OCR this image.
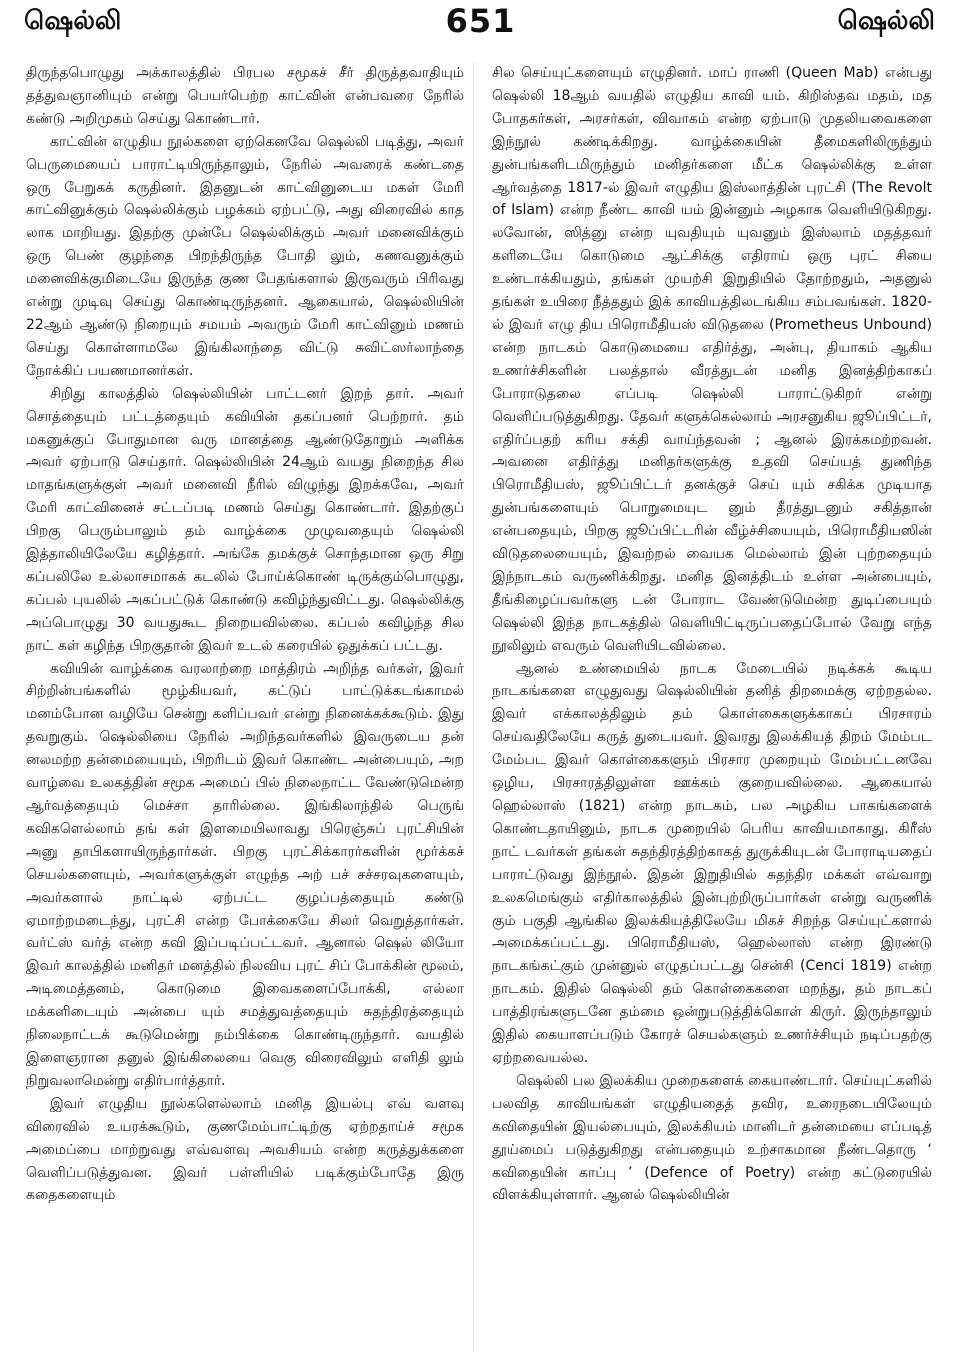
ஷெல்லி	651	ஷெல்லி

திருந்தபொழுது அக்காலத்தில் பிரபல சமூகச் சீர் திருத்தவாதியும் தத்துவஞானியும் என்று பெயர்பெற்ற காட்வின் என்பவரை நேரில் கண்டு அறிமுகம் செய்து கொண்டார்.

காட்வின் எழுதிய நூல்களை ஏற்கெனவே ஷெல்லி படித்து, அவர் பெருமையைப் பாராட்டியிருந்தாலும், நேரில் அவரைக் கண்டதை ஒரு பேறுகக் கருதினர். இதனுடன் காட்வினுடைய மகள் மேரி காட்வினுக்கும் ஷெல்லிக்கும் பழக்கம் ஏற்பட்டு, அது விரைவில் காத லாக மாறியது. இதற்கு முன்பே ஷெல்லிக்கும் அவர் மனைவிக்கும் ஒரு பெண் குழந்தை பிறந்திருந்த போதி லும், கணவனுக்கும் மனைவிக்குமிடையே இருந்த குண பேதங்களால் இருவரும் பிரிவது என்று முடிவு செய்து கொண்டிருந்தனர். ஆகையால், ஷெல்லியின் 22ஆம் ஆண்டு நிறையும் சமயம் அவரும் மேரி காட்வினும் மணம் செய்து கொள்ளாமலே இங்கிலாந்தை விட்டு சுவிட்ஸர்லாந்தை நோக்கிப் பயணமானர்கள்.

சிறிது காலத்தில் ஷெல்லியின் பாட்டனர் இறந் தார். அவர் சொத்தையும் பட்டத்தையும் கவியின் தகப்பனர் பெற்றார். தம் மகனுக்குப் போதுமான வரு மானத்தை ஆண்டுதோறும் அளிக்க அவர் ஏற்பாடு செய்தார். ஷெல்லியின் 24ஆம் வயது நிறைந்த சில மாதங்களுக்குள் அவர் மனைவி நீரில் விழுந்து இறக்கவே, அவர் மேரி காட்வினைச் சட்டப்படி மணம் செய்து கொண்டார். இதற்குப் பிறகு பெரும்பாலும் தம் வாழ்க்கை முழுவதையும் ஷெல்லி இத்தாலியிலேயே கழித்தார். அங்கே தமக்குச் சொந்தமான ஒரு சிறு கப்பலிலே உல்லாசமாகக் கடலில் போய்க்கொண் டிருக்கும்பொழுது, கப்பல் புயலில் அகப்பட்டுக் கொண்டு கவிழ்ந்துவிட்டது. ஷெல்லிக்கு அப்பொழுது 30 வயதுகூட நிறையவில்லை. கப்பல் கவிழ்ந்த சில நாட் கள் கழிந்த பிறகுதான் இவர் உடல் கரையில் ஒதுக்கப் பட்டது.

கவியின் வாழ்க்கை வரலாற்றை மாத்திரம் அறிந்த வர்கள், இவர் சிற்றின்பங்களில் மூழ்கியவர், கட்டுப் பாட்டுக்கடங்காமல் மனம்போன வழியே சென்று களிப்பவர் என்று நினைக்கக்கூடும். இது தவறுகும். ஷெல்லியை நேரில் அறிந்தவர்களில் இவருடைய தன் னலமற்ற தன்மையையும், பிறரிடம் இவர் கொண்ட அன்பையும், அற வாழ்வை உலகத்தின் சமூக அமைப் பில் நிலைநாட்ட வேண்டுமென்ற ஆர்வத்தையும் மெச்சா தாரில்லை. இங்கிலாந்தில் பெருங் கவிகளெல்லாம் தங் கள் இளமையிலாவது பிரெஞ்சுப் புரட்சியின் அனு தாபிகளாயிருந்தார்கள். பிறகு புரட்சிக்காரர்களின் மூர்க்கச் செயல்களையும், அவர்களுக்குள் எழுந்த அற் பச் சச்சரவுகளையும், அவர்களால் நாட்டில் ஏற்பட்ட குழப்பத்தையும் கண்டு ஏமாற்றமடைந்து, புரட்சி என்ற போக்கையே சிலர் வெறுத்தார்கள். வர்ட்ஸ் வர்த் என்ற கவி இப்படிப்பட்டவர். ஆனால் ஷெல் லியோ இவர் காலத்தில் மனிதர் மனத்தில் நிலவிய புரட் சிப் போக்கின் மூலம், அடிமைத்தனம், கொடுமை இவைகளைப்போக்கி, எல்லா மக்களிடையும் அன்பை யும் சமத்துவத்தையும் சுதந்திரத்தையும் நிலைநாட்டக் கூடுமென்று நம்பிக்கை கொண்டிருந்தார். வயதில் இளைஞரான தனுல் இங்கிலையை வெகு விரைவிலும் எளிதி லும் நிறுவலாமென்று எதிர்பார்த்தார்.

இவர் எழுதிய நூல்களெல்லாம் மனித இயல்பு எவ் வளவு விரைவில் உயரக்கூடும், குணமேம்பாட்டிற்கு ஏற்றதாய்ச் சமூக அமைப்பை மாற்றுவது எவ்வளவு அவசியம் என்ற கருத்துக்களை வெளிப்படுத்துவன. இவர் பள்ளியில் படிக்கும்போதே இரு கதைகளையும்

சில செய்யுட்களையும் எழுதினர். மாப் ராணி (Queen Mab) என்பது ஷெல்லி 18ஆம் வயதில் எழுதிய காவி யம். கிறிஸ்தவ மதம், மத போதகர்கள், அரசர்கள், விவாகம் என்ற ஏற்பாடு முதலியவைகளை இந்நூல் கண்டிக்கிறது. வாழ்க்கையின் தீமைகளிலிருந்தும் துன்பங்களிடமிருந்தும் மனிதர்களை மீட்க ஷெல்லிக்கு உள்ள ஆர்வத்தை 1817-ல் இவர் எழுதிய இஸ்லாத்தின் புரட்சி (The Revolt of Islam) என்ற நீண்ட காவி யம் இன்னும் அழகாக வெளியிடுகிறது. லவோன், ஸித்னு என்ற யுவதியும் யுவனும் இஸ்லாம் மதத்தவர் களிடையே கொடுமை ஆட்சிக்கு எதிராய் ஒரு புரட் சியை உண்டாக்கியதும், தங்கள் முயற்சி இறுதியில் தோற்றதும், அதனுல் தங்கள் உயிரை நீத்ததும் இக் காவியத்திலடங்கிய சம்பவங்கள். 1820-ல் இவர் எழு திய பிரொமீதியஸ் விடுதலை (Prometheus Unbound) என்ற நாடகம் கொடுமையை எதிர்த்து, அன்பு, தியாகம் ஆகிய உணர்ச்சிகளின் பலத்தால் வீரத்துடன் மனித இனத்திற்காகப் போராடுதலை எப்படி ஷெல்லி பாராட்டுகிறர் என்று வெளிப்படுத்துகிறது. தேவர் களுக்கெல்லாம் அரசனுகிய ஜூப்பிட்டர், எதிர்ப்பதற் கரிய சக்தி வாய்ந்தவன் ; ஆனல் இரக்கமற்றவன். அவனை எதிர்த்து மனிதர்களுக்கு உதவி செய்யத் துணிந்த பிரொமீதியஸ், ஜூப்பிட்டர் தனக்குச் செய் யும் சகிக்க முடியாத துன்பங்களையும் பொறுமையுட னும் தீரத்துடனும் சகித்தான் என்பதையும், பிறகு ஜூப்பிட்டரின் வீழ்ச்சியையும், பிரொமீதியஸின் விடுதலையையும், இவற்றல் வையக மெல்லாம் இன் புற்றதையும் இந்நாடகம் வருணிக்கிறது. மனித இனத்திடம் உள்ள அன்பையும், தீங்கிழைப்பவர்களு டன் போராட வேண்டுமென்ற துடிப்பையும் ஷெல்லி இந்த நாடகத்தில் வெளியிட்டிருப்பதைப்போல் வேறு எந்த நூலிலும் எவரும் வெளியிடவில்லை.

ஆனல் உண்மையில் நாடக மேடையில் நடிக்கக் கூடிய நாடகங்களை எழுதுவது ஷெல்லியின் தனித் திறமைக்கு ஏற்றதல்ல. இவர் எக்காலத்திலும் தம் கொள்கைகளுக்காகப் பிரசாரம் செய்வதிலேயே கருத் துடையவர். இவரது இலக்கியத் திறம் மேம்பட மேம்பட இவர் கொள்கைகளும் பிரசார முறையும் மேம்பட்டனவே ஒழிய, பிரசாரத்திலுள்ள ஊக்கம் குறையவில்லை. ஆகையால் ஹெல்லாஸ் (1821) என்ற நாடகம், பல அழகிய பாகங்களைக் கொண்டதாயினும், நாடக முறையில் பெரிய காவியமாகாது. கிரீஸ் நாட் டவர்கள் தங்கள் சுதந்திரத்திற்காகத் துருக்கியுடன் போராடியதைப் பாராட்டுவது இந்நூல். இதன் இறுதியில் சுதந்திர மக்கள் எவ்வாறு உலகமெங்கும் எதிர்காலத்தில் இன்புற்றிருப்பார்கள் என்று வருணிக் கும் பகுதி ஆங்கில இலக்கியத்திலேயே மிகச் சிறந்த செய்யுட்களால் அமைக்கப்பட்டது. பிரொமீதியஸ், ஹெல்லாஸ் என்ற இரண்டு நாடகங்கட்கும் முன்னுல் எழுதப்பட்டது சென்சி (Cenci 1819) என்ற நாடகம். இதில் ஷெல்லி தம் கொள்கைகளை மறந்து, தம் நாடகப் பாத்திரங்களுடனே தம்மை ஒன்றுபடுத்திக்கொள் கிருர். இருந்தாலும் இதில் கையாளப்படும் கோரச் செயல்களும் உணர்ச்சியும் நடிப்பதற்கு ஏற்றவையல்ல.

ஷெல்லி பல இலக்கிய முறைகளைக் கையாண்டார். செய்யுட்களில் பலவித காவியங்கள் எழுதியதைத் தவிர, உரைநடையிலேயும் கவிதையின் இயல்பையும், இலக்கியம் மானிடர் தன்மையை எப்படித் தூய்மைப் படுத்துகிறது என்பதையும் உற்சாகமான நீண்டதொரு ‘ கவிதையின் காப்பு ’ (Defence of Poetry) என்ற கட்டுரையில் விளக்கியுள்ளார். ஆனல் ஷெல்லியின்
